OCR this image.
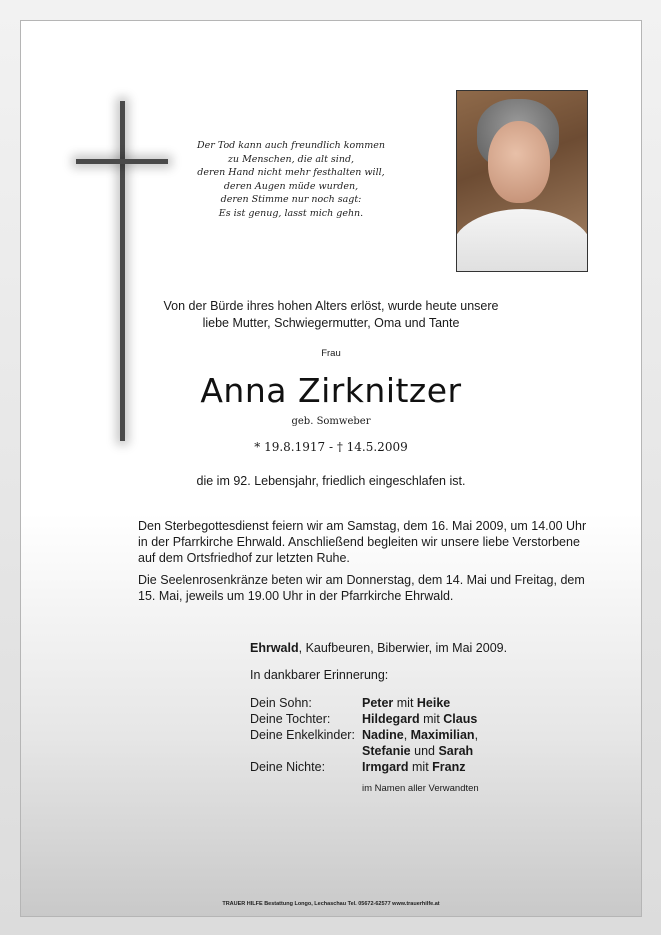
Der Tod kann auch freundlich kommen
zu Menschen, die alt sind,
deren Hand nicht mehr festhalten will,
deren Augen müde wurden,
deren Stimme nur noch sagt:
Es ist genug, lasst mich gehn.
Von der Bürde ihres hohen Alters erlöst, wurde heute unsere
liebe Mutter, Schwiegermutter, Oma und Tante
Frau
Anna Zirknitzer
geb. Somweber
* 19.8.1917 - † 14.5.2009
die im 92. Lebensjahr, friedlich eingeschlafen ist.
Den Sterbegottesdienst feiern wir am Samstag, dem 16. Mai 2009, um 14.00 Uhr in der Pfarrkirche Ehrwald. Anschließend begleiten wir unsere liebe Verstorbene auf dem Ortsfriedhof zur letzten Ruhe.
Die Seelenrosenkränze beten wir am Donnerstag, dem 14. Mai und Freitag, dem 15. Mai, jeweils um 19.00 Uhr in der Pfarrkirche Ehrwald.
Ehrwald, Kaufbeuren, Biberwier, im Mai 2009.
In dankbarer Erinnerung:
Dein Sohn:	Peter mit Heike
Deine Tochter:	Hildegard mit Claus
Deine Enkelkinder: Nadine, Maximilian,
Stefanie und Sarah
Deine Nichte:	Irmgard mit Franz
im Namen aller Verwandten
TRAUER HILFE Bestattung Longo, Lechaschau Tel. 05672-62577 www.trauerhilfe.at
